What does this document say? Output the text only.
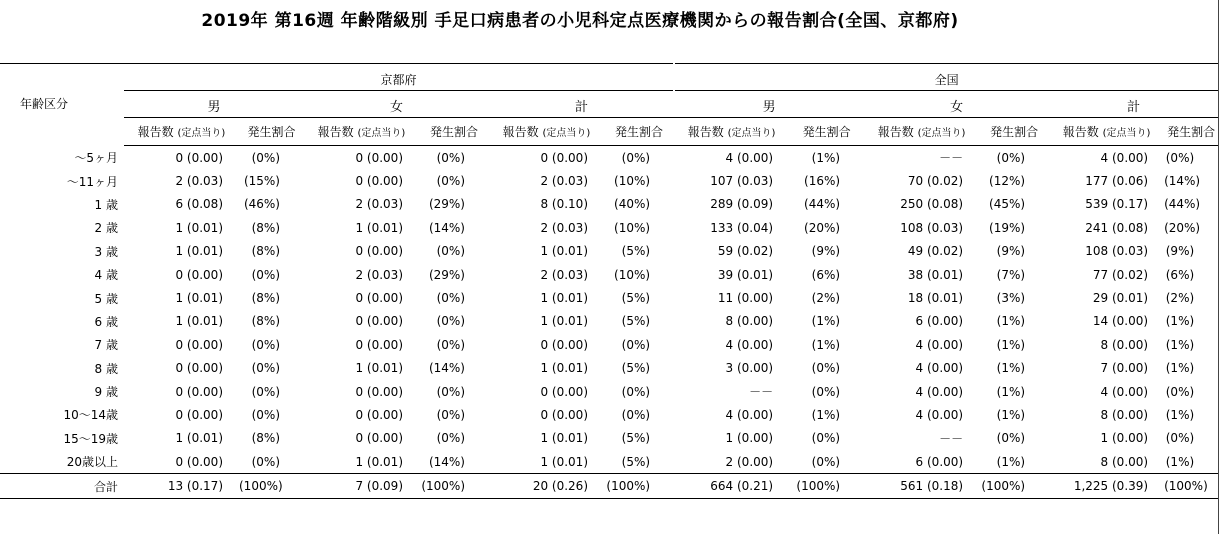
2019年 第16週 年齢階級別 手足口病患者の小児科定点医療機関からの報告割合(全国、京都府)
年齢区分	京都府						全国					
	男		女		計		男		女		計	
	報告数 (定点当り)	発生割合	報告数 (定点当り)	発生割合	報告数 (定点当り)	発生割合	報告数 (定点当り)	発生割合	報告数 (定点当り)	発生割合	報告数 (定点当り)	発生割合
～5ヶ月	0 (0.00)	(0%)	0 (0.00)	(0%)	0 (0.00)	(0%)	4 (0.00)	(1%)	－－	(0%)	4 (0.00)	(0%)
～11ヶ月	2 (0.03)	(15%)	0 (0.00)	(0%)	2 (0.03)	(10%)	107 (0.03)	(16%)	70 (0.02)	(12%)	177 (0.06)	(14%)
1 歳	6 (0.08)	(46%)	2 (0.03)	(29%)	8 (0.10)	(40%)	289 (0.09)	(44%)	250 (0.08)	(45%)	539 (0.17)	(44%)
2 歳	1 (0.01)	(8%)	1 (0.01)	(14%)	2 (0.03)	(10%)	133 (0.04)	(20%)	108 (0.03)	(19%)	241 (0.08)	(20%)
3 歳	1 (0.01)	(8%)	0 (0.00)	(0%)	1 (0.01)	(5%)	59 (0.02)	(9%)	49 (0.02)	(9%)	108 (0.03)	(9%)
4 歳	0 (0.00)	(0%)	2 (0.03)	(29%)	2 (0.03)	(10%)	39 (0.01)	(6%)	38 (0.01)	(7%)	77 (0.02)	(6%)
5 歳	1 (0.01)	(8%)	0 (0.00)	(0%)	1 (0.01)	(5%)	11 (0.00)	(2%)	18 (0.01)	(3%)	29 (0.01)	(2%)
6 歳	1 (0.01)	(8%)	0 (0.00)	(0%)	1 (0.01)	(5%)	8 (0.00)	(1%)	6 (0.00)	(1%)	14 (0.00)	(1%)
7 歳	0 (0.00)	(0%)	0 (0.00)	(0%)	0 (0.00)	(0%)	4 (0.00)	(1%)	4 (0.00)	(1%)	8 (0.00)	(1%)
8 歳	0 (0.00)	(0%)	1 (0.01)	(14%)	1 (0.01)	(5%)	3 (0.00)	(0%)	4 (0.00)	(1%)	7 (0.00)	(1%)
9 歳	0 (0.00)	(0%)	0 (0.00)	(0%)	0 (0.00)	(0%)	－－	(0%)	4 (0.00)	(1%)	4 (0.00)	(0%)
10～14歳	0 (0.00)	(0%)	0 (0.00)	(0%)	0 (0.00)	(0%)	4 (0.00)	(1%)	4 (0.00)	(1%)	8 (0.00)	(1%)
15～19歳	1 (0.01)	(8%)	0 (0.00)	(0%)	1 (0.01)	(5%)	1 (0.00)	(0%)	－－	(0%)	1 (0.00)	(0%)
20歳以上	0 (0.00)	(0%)	1 (0.01)	(14%)	1 (0.01)	(5%)	2 (0.00)	(0%)	6 (0.00)	(1%)	8 (0.00)	(1%)
合計	13 (0.17)	(100%)	7 (0.09)	(100%)	20 (0.26)	(100%)	664 (0.21)	(100%)	561 (0.18)	(100%)	1,225 (0.39)	(100%)
